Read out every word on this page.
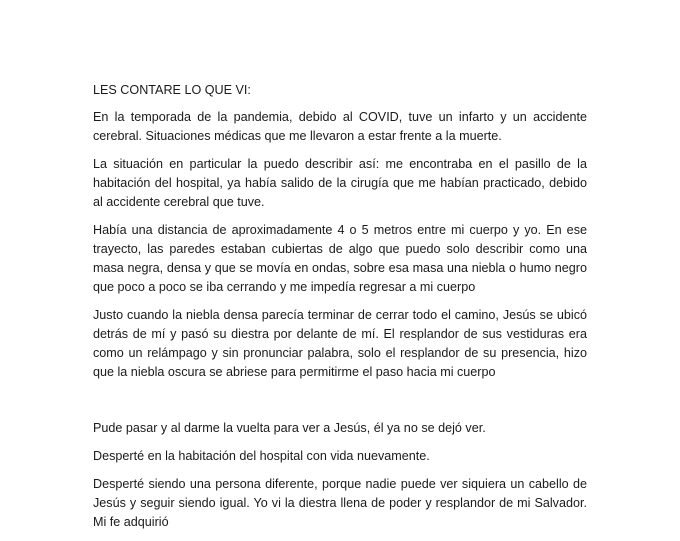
LES CONTARE LO QUE VI:

En la temporada de la pandemia, debido al COVID, tuve un infarto y un accidente cerebral. Situaciones médicas que me llevaron a estar frente a la muerte.

La situación en particular la puedo describir así: me encontraba en el pasillo de la habitación del hospital, ya había salido de la cirugía que me habían practicado, debido al accidente cerebral que tuve.

Había una distancia de aproximadamente 4 o 5 metros entre mi cuerpo y yo. En ese trayecto, las paredes estaban cubiertas de algo que puedo solo describir como una masa negra, densa y que se movía en ondas, sobre esa masa una niebla o humo negro que poco a poco se iba cerrando y me impedía regresar a mi cuerpo

Justo cuando la niebla densa parecía terminar de cerrar todo el camino, Jesús se ubicó detrás de mí y pasó su diestra por delante de mí. El resplandor de sus vestiduras era como un relámpago y sin pronunciar palabra, solo el resplandor de su presencia, hizo que la niebla oscura se abriese para permitirme el paso hacia mi cuerpo

Pude pasar y al darme la vuelta para ver a Jesús, él ya no se dejó ver.

Desperté en la habitación del hospital con vida nuevamente.

Desperté siendo una persona diferente, porque nadie puede ver siquiera un cabello de Jesús y seguir siendo igual. Yo vi la diestra llena de poder y resplandor de mi Salvador. Mi fe adquirió
